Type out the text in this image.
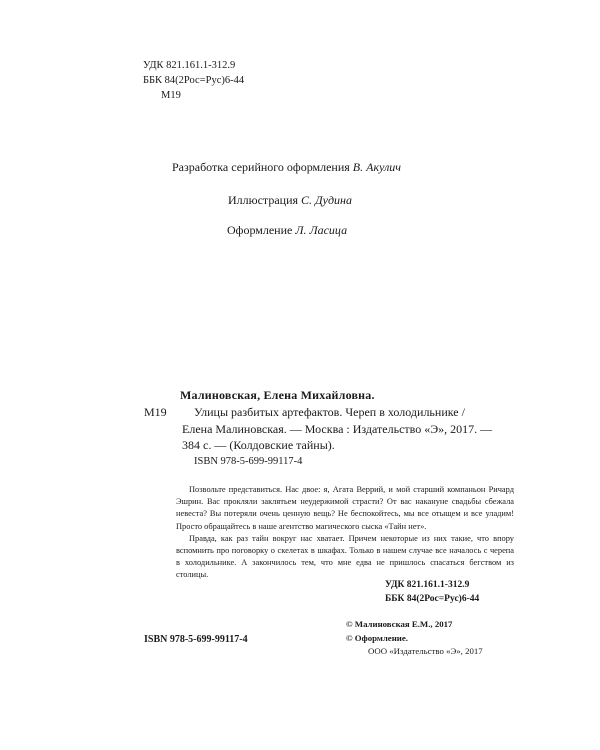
УДК 821.161.1-312.9
ББК 84(2Рос=Рус)6-44
М19
Разработка серийного оформления В. Акулич
Иллюстрация С. Дудина
Оформление Л. Ласица
Малиновская, Елена Михайловна.
М19	Улицы разбитых артефактов. Череп в холодильнике /
Елена Малиновская. — Москва : Издательство «Э», 2017. —
384 с. — (Колдовские тайны).
ISBN 978-5-699-99117-4

Позвольте представиться. Нас двое: я, Агата Веррий, и мой старший компаньон Ричард Эшрин. Вас прокляли заклятьем неудержимой страсти? От вас накануне свадьбы сбежала невеста? Вы потеряли очень ценную вещь? Не беспокойтесь, мы все отыщем и все уладим! Просто обращайтесь в наше агентство магического сыска «Тайн нет».

Правда, как раз тайн вокруг нас хватает. Причем некоторые из них такие, что впору вспомнить про поговорку о скелетах в шкафах. Только в нашем случае все началось с черепа в холодильнике. А закончилось тем, что мне едва не пришлось спасаться бегством из столицы.

УДК 821.161.1-312.9
ББК 84(2Рос=Рус)6-44
ISBN 978-5-699-99117-4
© Малиновская Е.М., 2017
© Оформление.
ООО «Издательство «Э», 2017
